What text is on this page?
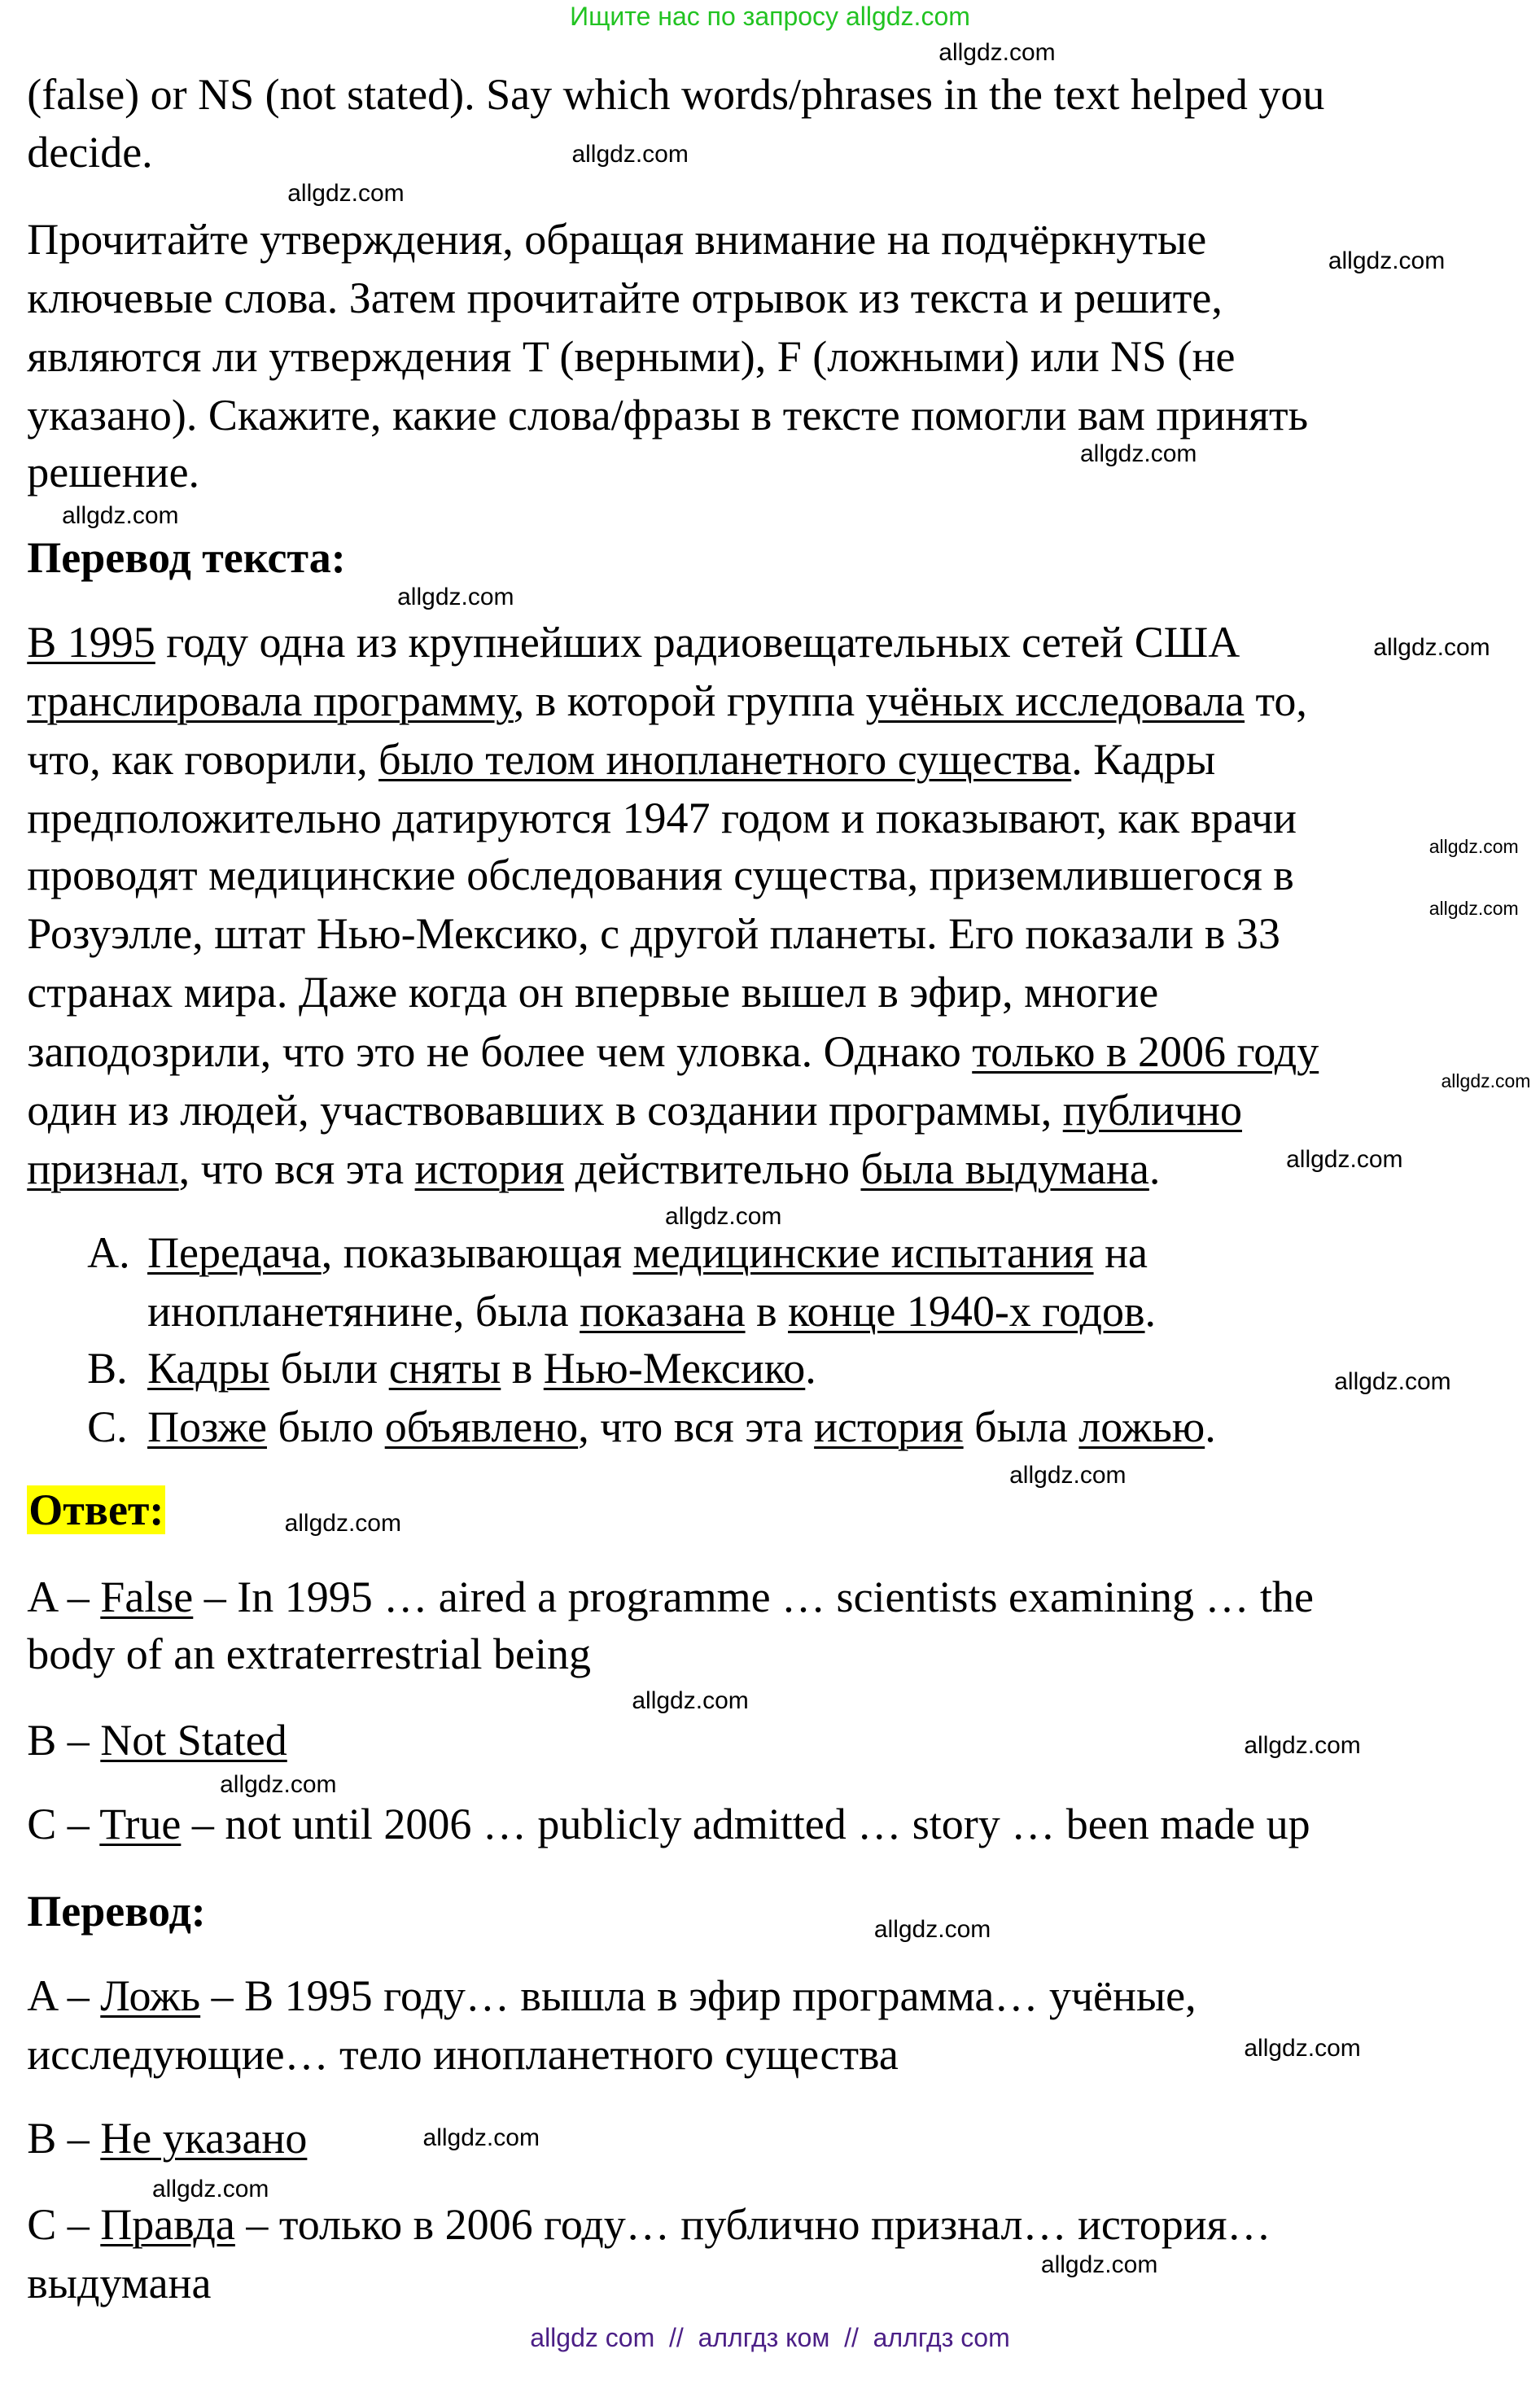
Ищите нас по запросу allgdz.com
(false) or NS (not stated). Say which words/phrases in the text helped you
decide.
Прочитайте утверждения, обращая внимание на подчёркнутые
ключевые слова. Затем прочитайте отрывок из текста и решите,
являются ли утверждения T (верными), F (ложными) или NS (не
указано). Скажите, какие слова/фразы в тексте помогли вам принять
решение.
Перевод текста:
В 1995 году одна из крупнейших радиовещательных сетей США
транслировала программу, в которой группа учёных исследовала то,
что, как говорили, было телом инопланетного существа. Кадры
предположительно датируются 1947 годом и показывают, как врачи
проводят медицинские обследования существа, приземлившегося в
Розуэлле, штат Нью-Мексико, с другой планеты. Его показали в 33
странах мира. Даже когда он впервые вышел в эфир, многие
заподозрили, что это не более чем уловка. Однако только в 2006 году
один из людей, участвовавших в создании программы, публично
признал, что вся эта история действительно была выдумана.
A.Передача, показывающая медицинские испытания на
инопланетянине, была показана в конце 1940-х годов.
B.Кадры были сняты в Нью-Мексико.
C.Позже было объявлено, что вся эта история была ложью.
Ответ:
A – False – In 1995 … aired a programme … scientists examining … the
body of an extraterrestrial being
B – Not Stated
C – True – not until 2006 … publicly admitted … story … been made up
Перевод:
A – Ложь – В 1995 году… вышла в эфир программа… учёные,
исследующие… тело инопланетного существа
B – Не указано
C – Правда – только в 2006 году… публично признал… история…
выдумана
allgdz.com
allgdz.com
allgdz.com
allgdz.com
allgdz.com
allgdz.com
allgdz.com
allgdz.com
allgdz.com
allgdz.com
allgdz.com
allgdz.com
allgdz.com
allgdz.com
allgdz.com
allgdz.com
allgdz.com
allgdz.com
allgdz.com
allgdz.com
allgdz.com
allgdz.com
allgdz.com
allgdz.com
allgdz com  //  аллгдз ком  //  аллгдз com
